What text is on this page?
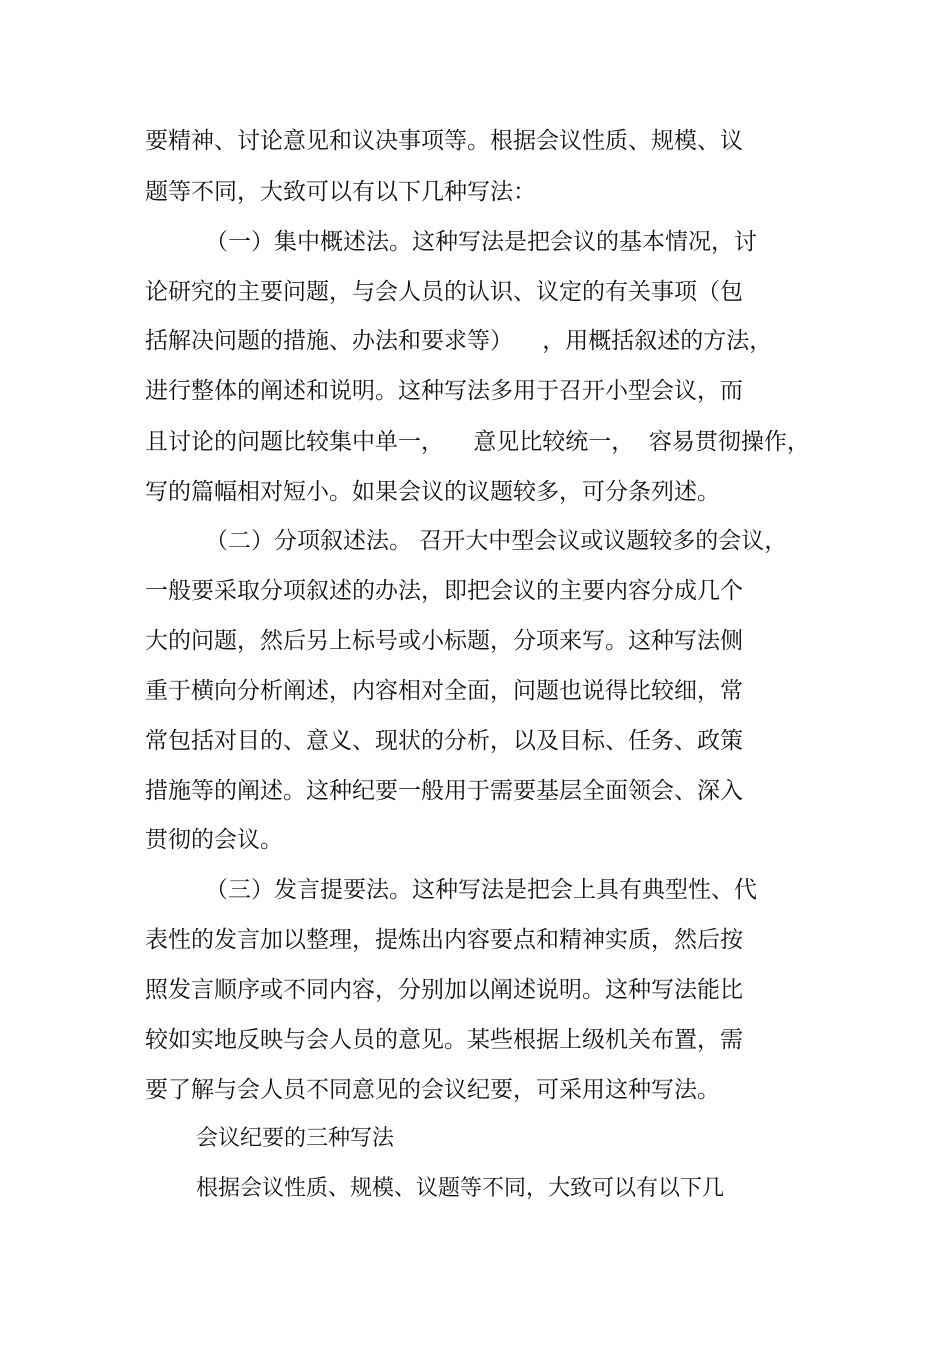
要精神、讨论意见和议决事项等。根据会议性质、规模、议
题等不同，大致可以有以下几种写法：
（一）集中概述法。这种写法是把会议的基本情况，讨
论研究的主要问题，与会人员的认识、议定的有关事项（包
括解决问题的措施、办法和要求等）    ，用概括叙述的方法，
进行整体的阐述和说明。这种写法多用于召开小型会议，而
且讨论的问题比较集中单一，    意见比较统一，  容易贯彻操作，
写的篇幅相对短小。如果会议的议题较多，可分条列述。
（二）分项叙述法。 召开大中型会议或议题较多的会议，
一般要采取分项叙述的办法，即把会议的主要内容分成几个
大的问题，然后另上标号或小标题，分项来写。这种写法侧
重于横向分析阐述，内容相对全面，问题也说得比较细，常
常包括对目的、意义、现状的分析，以及目标、任务、政策
措施等的阐述。这种纪要一般用于需要基层全面领会、深入
贯彻的会议。
（三）发言提要法。这种写法是把会上具有典型性、代
表性的发言加以整理，提炼出内容要点和精神实质，然后按
照发言顺序或不同内容，分别加以阐述说明。这种写法能比
较如实地反映与会人员的意见。某些根据上级机关布置，需
要了解与会人员不同意见的会议纪要，可采用这种写法。
会议纪要的三种写法
根据会议性质、规模、议题等不同，大致可以有以下几
